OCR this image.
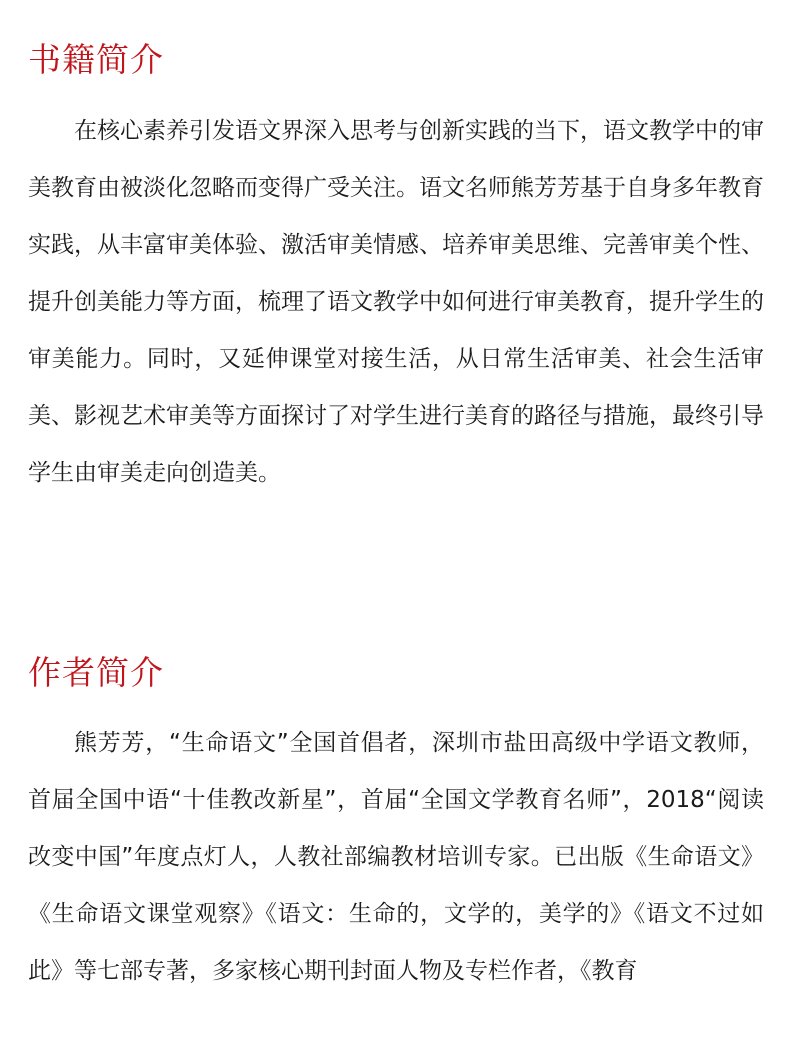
书籍简介

在核心素养引发语文界深入思考与创新实践的当下，语文教学中的审美教育由被淡化忽略而变得广受关注。语文名师熊芳芳基于自身多年教育实践，从丰富审美体验、激活审美情感、培养审美思维、完善审美个性、提升创美能力等方面，梳理了语文教学中如何进行审美教育，提升学生的审美能力。同时，又延伸课堂对接生活，从日常生活审美、社会生活审美、影视艺术审美等方面探讨了对学生进行美育的路径与措施，最终引导学生由审美走向创造美。

作者简介

熊芳芳，“生命语文”全国首倡者，深圳市盐田高级中学语文教师，首届全国中语“十佳教改新星”，首届“全国文学教育名师”，2018“阅读改变中国”年度点灯人，人教社部编教材培训专家。已出版《生命语文》《生命语文课堂观察》《语文：生命的，文学的，美学的》《语文不过如此》等七部专著，多家核心期刊封面人物及专栏作者，《教育
